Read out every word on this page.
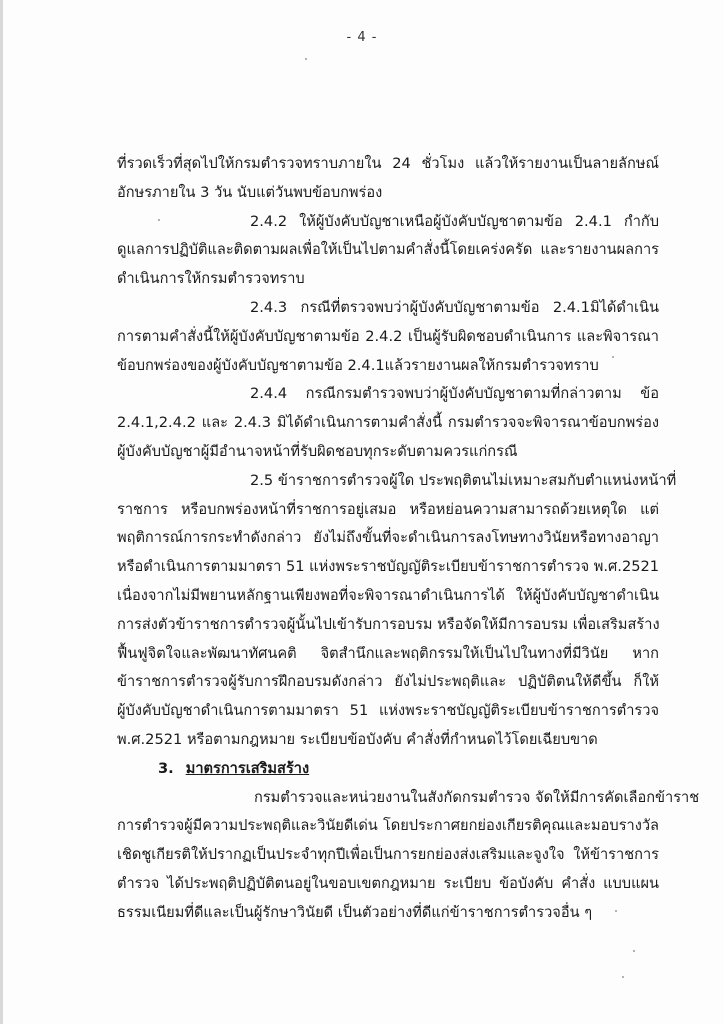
- 4 -
ที่รวดเร็วที่สุดไปให้กรมตำรวจทราบภายใน 24 ชั่วโมง แล้วให้รายงานเป็นลายลักษณ์
อักษรภายใน 3 วัน นับแต่วันพบข้อบกพร่อง
2.4.2 ให้ผู้บังคับบัญชาเหนือผู้บังคับบัญชาตามข้อ 2.4.1 กำกับ
ดูแลการปฏิบัติและติดตามผลเพื่อให้เป็นไปตามคำสั่งนี้โดยเคร่งครัด และรายงานผลการ
ดำเนินการให้กรมตำรวจทราบ
2.4.3 กรณีที่ตรวจพบว่าผู้บังคับบัญชาตามข้อ 2.4.1มิได้ดำเนิน
การตามคำสั่งนี้ให้ผู้บังคับบัญชาตามข้อ 2.4.2 เป็นผู้รับผิดชอบดำเนินการ และพิจารณา
ข้อบกพร่องของผู้บังคับบัญชาตามข้อ 2.4.1แล้วรายงานผลให้กรมตำรวจทราบ
2.4.4 กรณีกรมตำรวจพบว่าผู้บังคับบัญชาตามที่กล่าวตาม ข้อ
2.4.1,2.4.2 และ 2.4.3 มิได้ดำเนินการตามคำสั่งนี้ กรมตำรวจจะพิจารณาข้อบกพร่อง
ผู้บังคับบัญชาผู้มีอำนาจหน้าที่รับผิดชอบทุกระดับตามควรแก่กรณี
2.5 ข้าราชการตำรวจผู้ใด ประพฤติตนไม่เหมาะสมกับตำแหน่งหน้าที่
ราชการ หรือบกพร่องหน้าที่ราชการอยู่เสมอ หรือหย่อนความสามารถด้วยเหตุใด แต่
พฤติการณ์การกระทำดังกล่าว ยังไม่ถึงขั้นที่จะดำเนินการลงโทษทางวินัยหรือทางอาญา
หรือดำเนินการตามมาตรา 51 แห่งพระราชบัญญัติระเบียบข้าราชการตำรวจ พ.ศ.2521
เนื่องจากไม่มีพยานหลักฐานเพียงพอที่จะพิจารณาดำเนินการได้ ให้ผู้บังคับบัญชาดำเนิน
การส่งตัวข้าราชการตำรวจผู้นั้นไปเข้ารับการอบรม หรือจัดให้มีการอบรม เพื่อเสริมสร้าง
ฟื้นฟูจิตใจและพัฒนาทัศนคติ จิตสำนึกและพฤติกรรมให้เป็นไปในทางที่มีวินัย หาก
ข้าราชการตำรวจผู้รับการฝึกอบรมดังกล่าว ยังไม่ประพฤติและ ปฏิบัติตนให้ดีขึ้น ก็ให้
ผู้บังคับบัญชาดำเนินการตามมาตรา 51 แห่งพระราชบัญญัติระเบียบข้าราชการตำรวจ
พ.ศ.2521 หรือตามกฎหมาย ระเบียบข้อบังคับ คำสั่งที่กำหนดไว้โดยเฉียบขาด
3. มาตรการเสริมสร้าง
กรมตำรวจและหน่วยงานในสังกัดกรมตำรวจ จัดให้มีการคัดเลือกข้าราช
การตำรวจผู้มีความประพฤติและวินัยดีเด่น โดยประกาศยกย่องเกียรติคุณและมอบรางวัล
เชิดชูเกียรติให้ปรากฏเป็นประจำทุกปีเพื่อเป็นการยกย่องส่งเสริมและจูงใจ ให้ข้าราชการ
ตำรวจ ได้ประพฤติปฏิบัติตนอยู่ในขอบเขตกฎหมาย ระเบียบ ข้อบังคับ คำสั่ง แบบแผน
ธรรมเนียมที่ดีและเป็นผู้รักษาวินัยดี เป็นตัวอย่างที่ดีแก่ข้าราชการตำรวจอื่น ๆ
